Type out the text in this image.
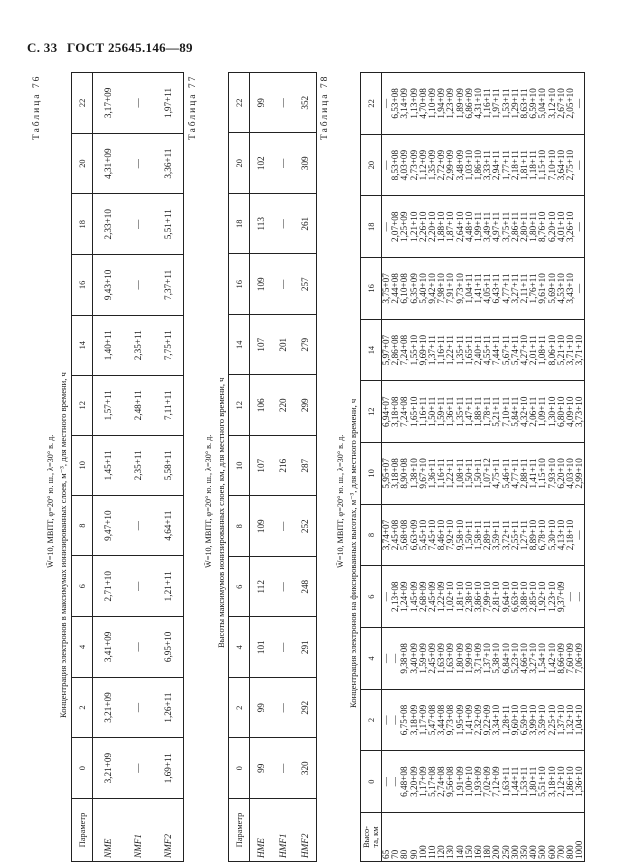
С. 33 ГОСТ 25645.146—89
Таблица 76
W̄=10, МВПТ, φ=20° ю. ш., λ=30° в. д. Концентрация электронов в максимумах ионизированных слоев, м⁻³, для местного времени, ч
Параметр	0	2	4	6	8	10	12	14	16	18	20	22
NME	3,21+09	3,21+09	3,41+09	2,71+10	9,47+10	1,45+11	1,57+11	1,40+11	9,43+10	2,33+10	4,31+09	3,17+09
NMF1	—	—	—	—	—	2,35+11	2,48+11	2,35+11	—	—	—	—
NMF2	1,69+11	1,26+11	6,95+10	1,21+11	4,64+11	5,58+11	7,11+11	7,75+11	7,37+11	5,51+11	3,36+11	1,97+11 Таблица 77
W̄=10, МВПТ, φ=20° ю. ш., λ=30° в. д. Высоты максимумов ионизированных слоев, км, для местного времени, ч
Параметр	0	2	4	6	8	10	12	14	16	18	20	22
HME	99	99	101	112	109	107	106	107	109	113	102	99
HMF1	—	—	—	—	—	216	220	201	—	—	—	—
HMF2	320	292	291	248	252	287	299	279	257	261	309	352 Таблица 78
W̄=10, МВПТ, φ=20° ю. ш., λ=30° в. д. Концентрация электронов на фиксированных высотах, м⁻³, для местного времени, ч
Высо-
та, км	0	2	4	6	8	10	12	14	16	18	20	22
65	—	—	—	—	3,74+07	5,95+07	6,94+07	5,97+07	3,75+07	—	—	—
70	—	—	—	2,13+08	2,45+08	3,18+08	3,18+08	2,86+08	2,44+08	2,07+08	8,53+08	6,53+08
80	6,48+08	6,75+08	9,38+08	1,24+09	5,68+08	8,90+08	7,24+08	7,24+08	6,10+08	1,25+09	4,03+09	3,14+09
90	3,20+09	3,18+09	3,40+09	1,45+09	6,63+09	1,38+10	1,65+10	1,55+10	6,35+09	1,21+10	2,73+09	1,13+09
100	1,17+09	1,17+09	1,59+09	2,68+09	5,45+10	9,67+10	1,16+11	9,69+10	5,40+10	2,26+10	1,12+09	4,70+08
110	5,17+08	5,47+08	2,45+09	2,45+09	7,45+10	1,36+11	1,50+11	1,37+11	9,42+10	2,20+10	1,35+09	1,10+09
120	2,74+08	3,44+08	1,63+09	1,22+09	8,46+10	1,16+11	1,59+11	1,16+11	7,98+10	1,88+10	2,72+09	1,94+09
130	9,56+08	9,73+08	1,63+09	1,02+10	7,92+10	1,22+11	1,36+11	1,22+11	7,91+10	1,87+10	2,99+09	1,23+09
140	1,91+09	1,95+09	1,80+09	1,81+10	9,58+10	1,08+11	1,35+11	1,35+11	9,73+10	2,64+10	3,48+09	1,89+09
150	1,00+10	1,41+09	1,99+09	2,38+10	1,50+11	1,50+11	1,47+11	1,65+11	1,04+11	4,48+10	1,03+10	6,86+09
160	1,93+09	2,32+09	3,71+09	3,86+10	1,58+11	1,50+11	1,88+11	2,40+11	1,41+11	1,99+11	1,86+10	4,31+10
180	7,02+09	9,22+09	1,37+10	7,99+10	2,89+11	1,07+12	1,78+11	4,55+11	4,05+11	3,49+11	3,33+11	1,16+11
200	7,12+09	3,34+10	5,38+10	2,81+10	3,59+11	4,75+11	5,21+11	7,44+11	6,43+11	4,97+11	2,94+11	1,97+11
250	1,63+11	1,28+11	6,84+10	9,64+10	3,72+11	5,46+11	7,10+11	5,67+11	4,77+11	3,75+11	1,77+11	1,53+11
300	1,44+11	9,60+10	5,23+10	6,63+10	2,55+11	4,77+11	5,84+11	5,74+11	3,27+11	2,86+11	2,18+11	1,29+11
350	1,53+11	6,59+10	4,66+10	3,88+10	1,27+11	2,88+11	4,32+10	4,27+10	2,11+11	2,80+11	1,81+11	8,63+11
400	1,80+11	3,99+10	3,27+10	2,85+10	8,89+10	1,41+11	2,06+11	2,01+11	1,76+11	1,80+11	1,18+11	6,59+10
500	5,51+10	3,59+10	1,54+10	1,92+10	6,78+10	1,15+10	1,09+11	1,08+11	9,61+10	8,76+10	1,15+10	5,04+10
600	3,18+10	2,25+10	1,42+10	1,23+10	5,30+10	7,93+10	1,30+10	8,06+10	5,69+10	6,20+10	7,10+10	3,12+10
700	2,12+10	1,37+10	8,66+09	9,37+09	4,13+10	6,20+10	6,80+10	5,21+10	4,53+10	4,01+10	3,64+10	2,67+10
800	1,86+10	1,32+10	7,60+09	—	2,18+10	4,03+10	4,09+10	3,71+10	3,43+10	3,26+10	2,75+10	2,05+10
1000	1,36+10	1,04+10	7,06+09	—	—	2,99+10	3,73+10	3,71+10	—	—	—	—
